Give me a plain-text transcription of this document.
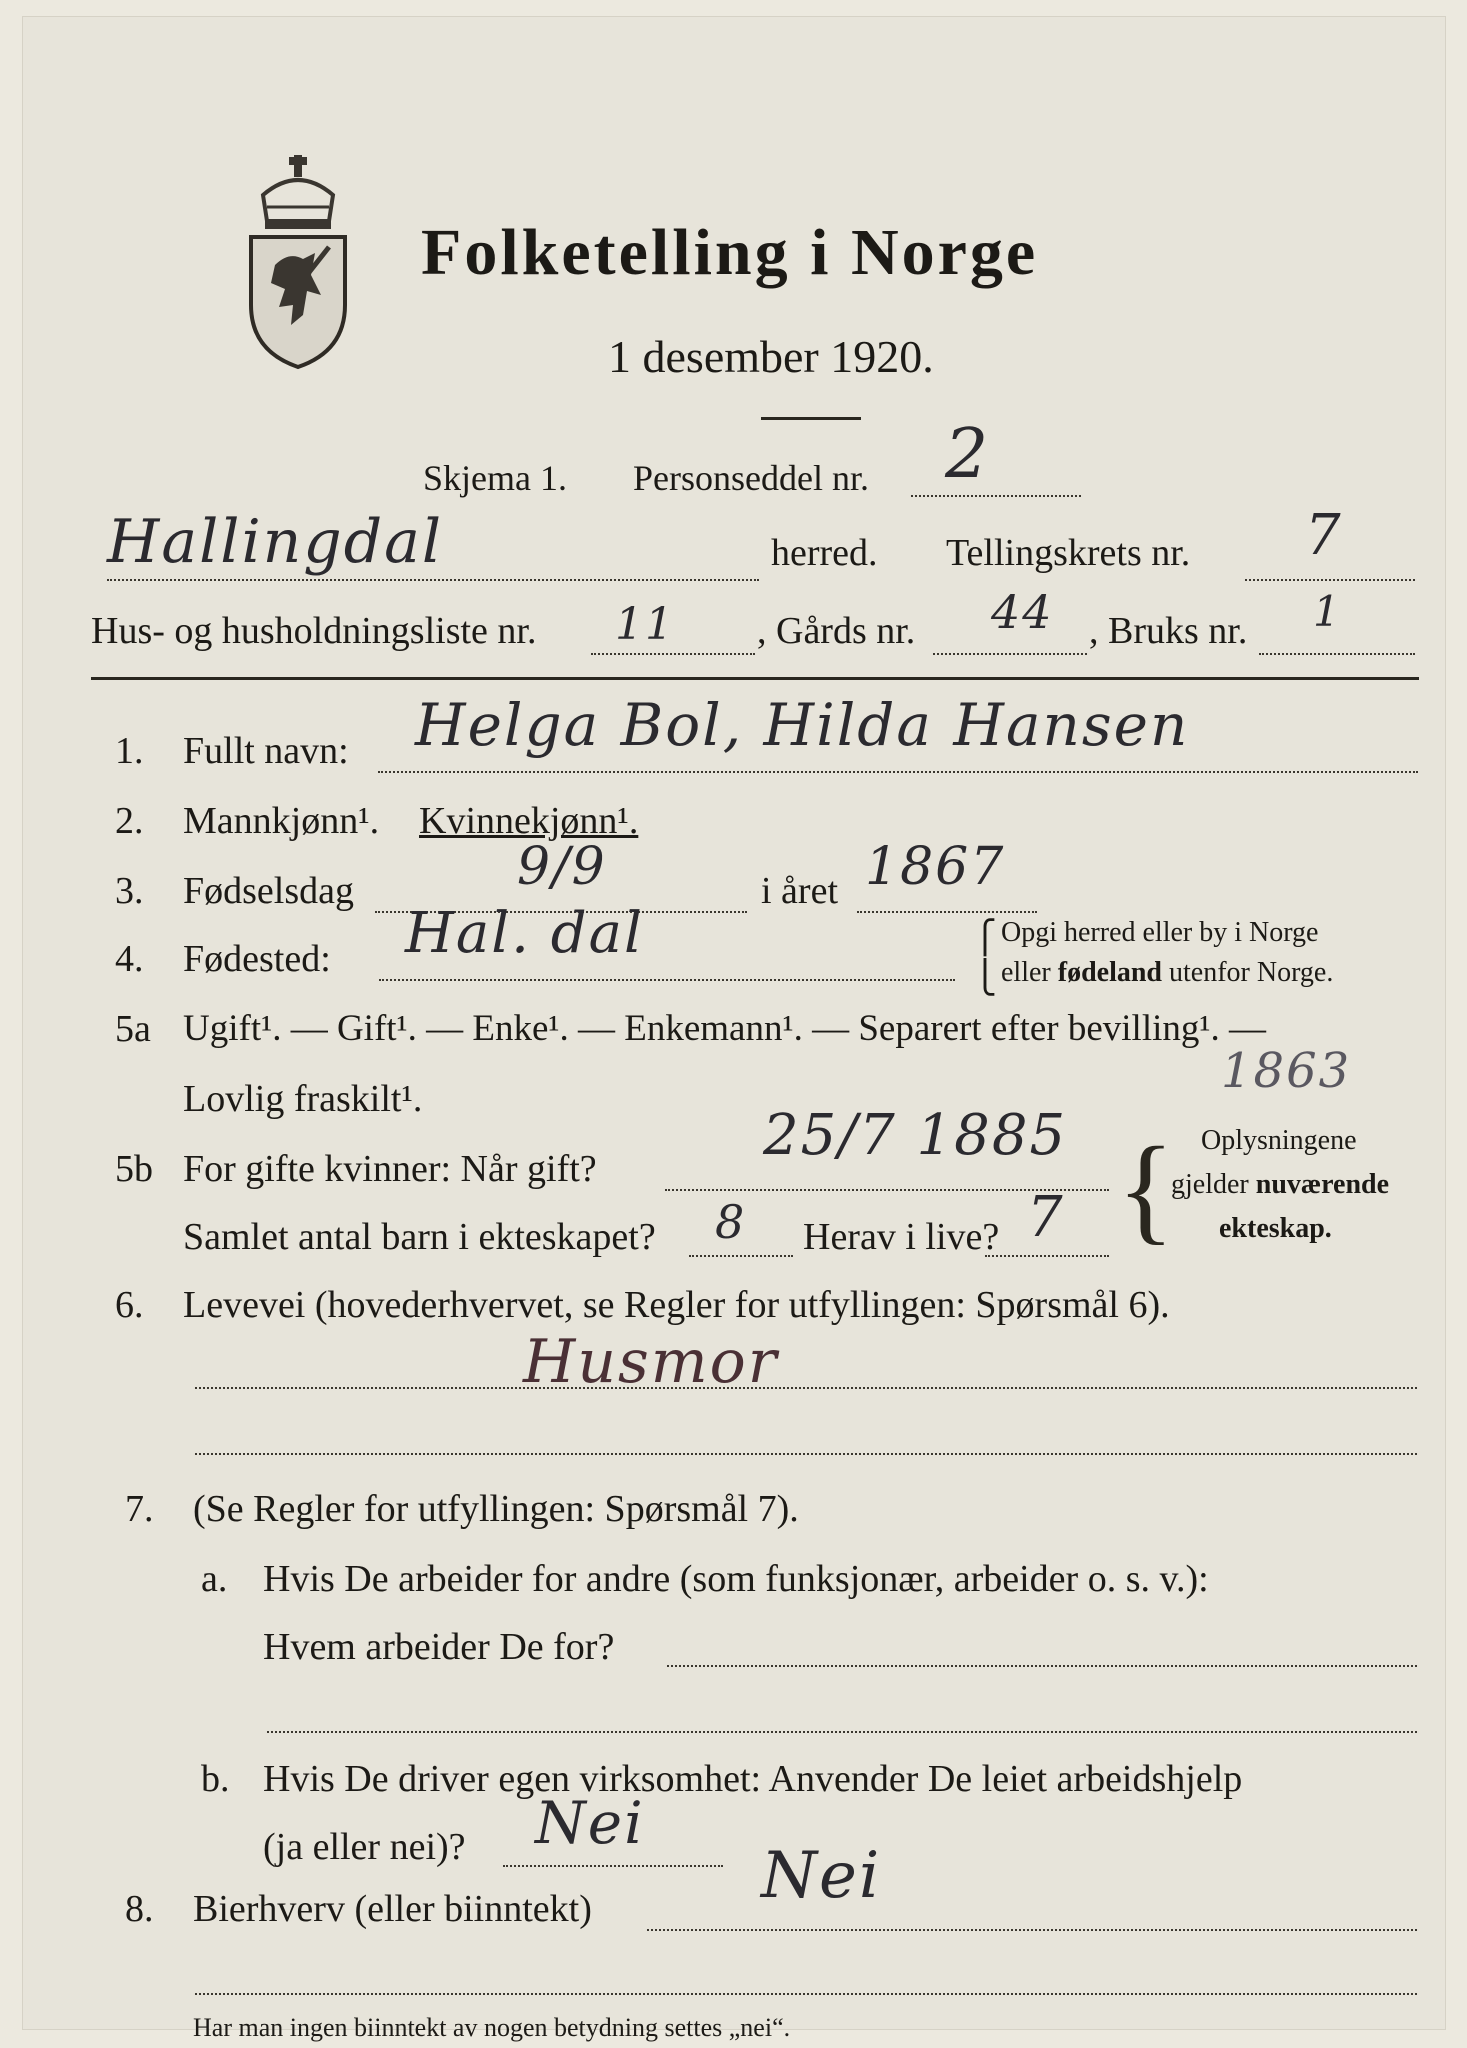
Folketelling i Norge
1 desember 1920.
Skjema 1. Personseddel nr. 2
Hallingdal	herred. Tellingskrets nr. 7
Hus- og husholdningsliste nr. 11 , Gårds nr. 44 , Bruks nr. 1
1. Fullt navn: Helga Bol, Hilda Hansen
2. Mannkjønn¹. Kvinnekjønn¹.
3. Fødselsdag	9/9	i året 1867
4. Fødested: Hal. dal	⎧
⎩
Opgi herred eller by i Norge
eller fødeland utenfor Norge.
5a Ugift¹. — Gift¹. — Enke¹. — Enkemann¹. — Separert efter bevilling¹. —
Lovlig fraskilt¹.	1863
5b For gifte kvinner: Når gift?
25/7 1885
Samlet antal barn i ekteskapet? 8 Herav i live? 7 { Oplysningene
gjelder nuværende
ekteskap.
6. Levevei (hovederhvervet, se Regler for utfyllingen: Spørsmål 6).
Husmor
7. (Se Regler for utfyllingen: Spørsmål 7).
a. Hvis De arbeider for andre (som funksjonær, arbeider o. s. v.):
Hvem arbeider De for?
b. Hvis De driver egen virksomhet: Anvender De leiet arbeidshjelp
(ja eller nei)? Nei
8. Bierhverv (eller biinntekt)	Nei
Har man ingen biinntekt av nogen betydning settes „nei“.
